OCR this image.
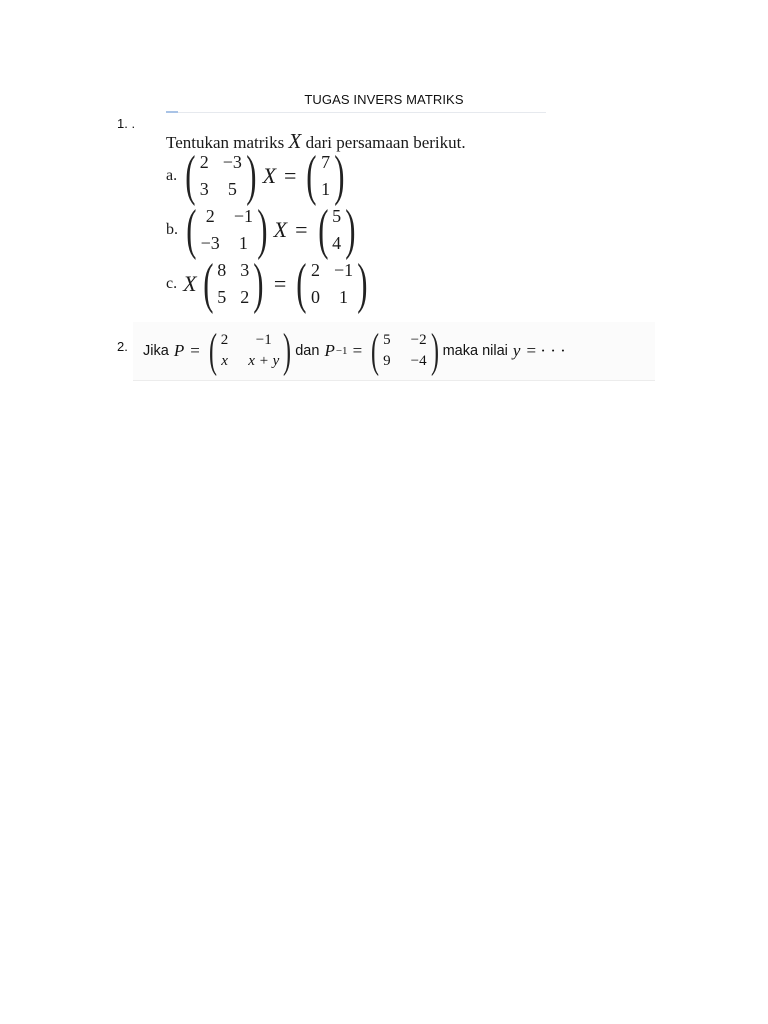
TUGAS INVERS MATRIKS
1. .
Tentukan matriks X dari persamaan berikut.
a. ( 2 −3
3 5 ) X = ( 7
1 )
b. ( 2 −1
−3 1 ) X = ( 5
4 )
c. X ( 8 3
5 2 ) = ( 2 −1
0 1 )
2. Jika
P = ( 2	−1
x x + y ) dan
P −1 = ( 5 −2
9 −4 ) maka nilai
y = · · ·
